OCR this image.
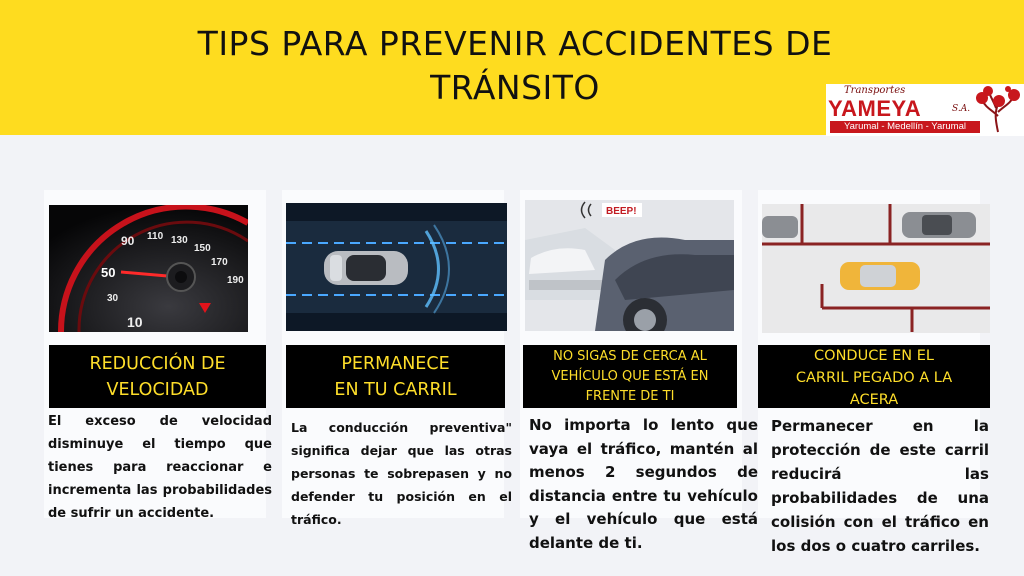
TIPS PARA PREVENIR ACCIDENTES DE
TRÁNSITO	Transportes
YAMEYA	S.A.
Yarumal - Medellín - Yarumal
90 110 130
150
170
190
50
30
10
REDUCCIÓN DE
VELOCIDAD
El exceso de velocidad disminuye el tiempo que tienes para reaccionar e incrementa las probabilidades de sufrir un accidente.
PERMANECE
EN TU CARRIL
La conducción preventiva" significa dejar que las otras personas te sobrepasen y no defender tu posición en el tráfico.
BEEP!
NO SIGAS DE CERCA AL
VEHÍCULO QUE ESTÁ EN
FRENTE DE TI
No importa lo lento que vaya el tráfico, mantén al menos 2 segundos de distancia entre tu vehículo y el vehículo que está delante de ti.
CONDUCE EN EL
CARRIL PEGADO A LA
ACERA
Permanecer en la protección de este carril reducirá las probabilidades de una colisión con el tráfico en los dos o cuatro carriles.
